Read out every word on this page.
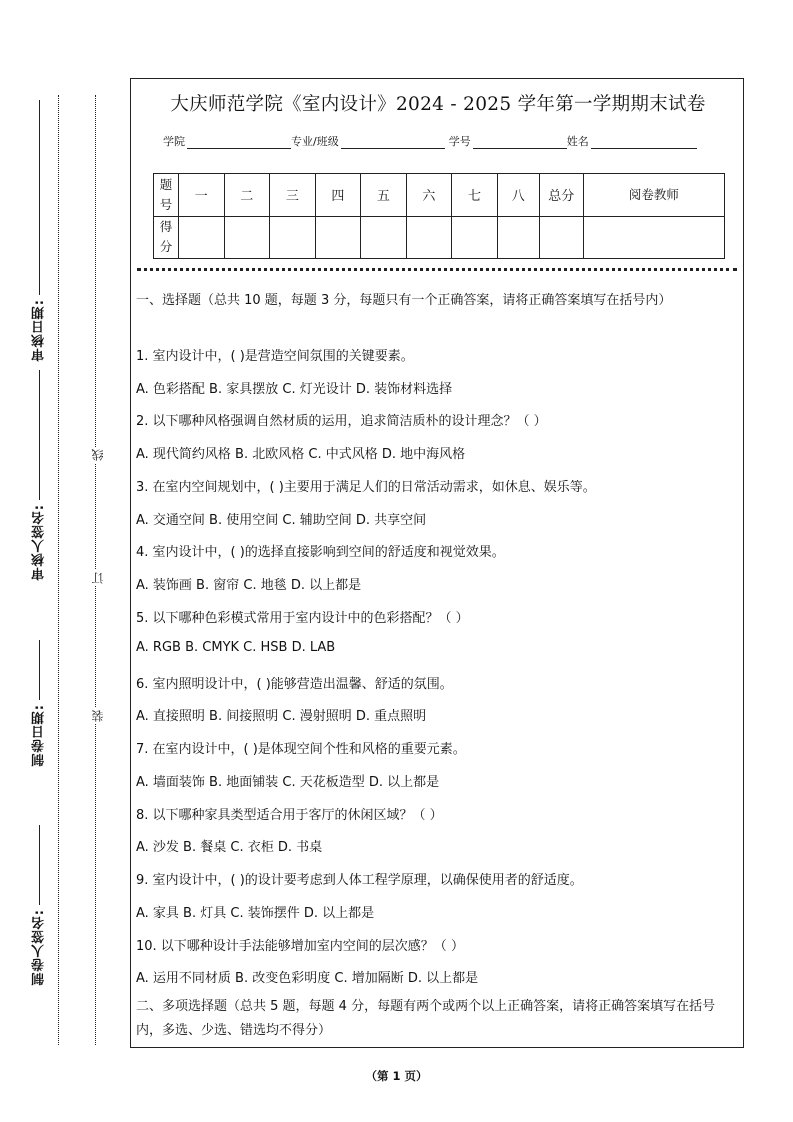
审核日期:
审核人签名:
制卷日期:
制卷人签名:
线
订
装
大庆师范学院《室内设计》2024 - 2025 学年第一学期期末试卷
学院	专业/班级	学号	姓名
题号	一	二	三	四	五	六	七	八	总分	阅卷教师
得分										

一、选择题（总共 10 题，每题 3 分，每题只有一个正确答案，请将正确答案填写在括号内）

1. 室内设计中，( )是营造空间氛围的关键要素。

A. 色彩搭配 B. 家具摆放 C. 灯光设计 D. 装饰材料选择

2. 以下哪种风格强调自然材质的运用，追求简洁质朴的设计理念？（ ）

A. 现代简约风格 B. 北欧风格 C. 中式风格 D. 地中海风格

3. 在室内空间规划中，( )主要用于满足人们的日常活动需求，如休息、娱乐等。

A. 交通空间 B. 使用空间 C. 辅助空间 D. 共享空间

4. 室内设计中，( )的选择直接影响到空间的舒适度和视觉效果。

A. 装饰画 B. 窗帘 C. 地毯 D. 以上都是

5. 以下哪种色彩模式常用于室内设计中的色彩搭配？（ ）

A. RGB B. CMYK C. HSB D. LAB

6. 室内照明设计中，( )能够营造出温馨、舒适的氛围。

A. 直接照明 B. 间接照明 C. 漫射照明 D. 重点照明

7. 在室内设计中，( )是体现空间个性和风格的重要元素。

A. 墙面装饰 B. 地面铺装 C. 天花板造型 D. 以上都是

8. 以下哪种家具类型适合用于客厅的休闲区域？（ ）

A. 沙发 B. 餐桌 C. 衣柜 D. 书桌

9. 室内设计中，( )的设计要考虑到人体工程学原理，以确保使用者的舒适度。

A. 家具 B. 灯具 C. 装饰摆件 D. 以上都是

10. 以下哪种设计手法能够增加室内空间的层次感？（ ）

A. 运用不同材质 B. 改变色彩明度 C. 增加隔断 D. 以上都是

二、多项选择题（总共 5 题，每题 4 分，每题有两个或两个以上正确答案，请将正确答案填写在括号内，多选、少选、错选均不得分）

（第 1 页）
